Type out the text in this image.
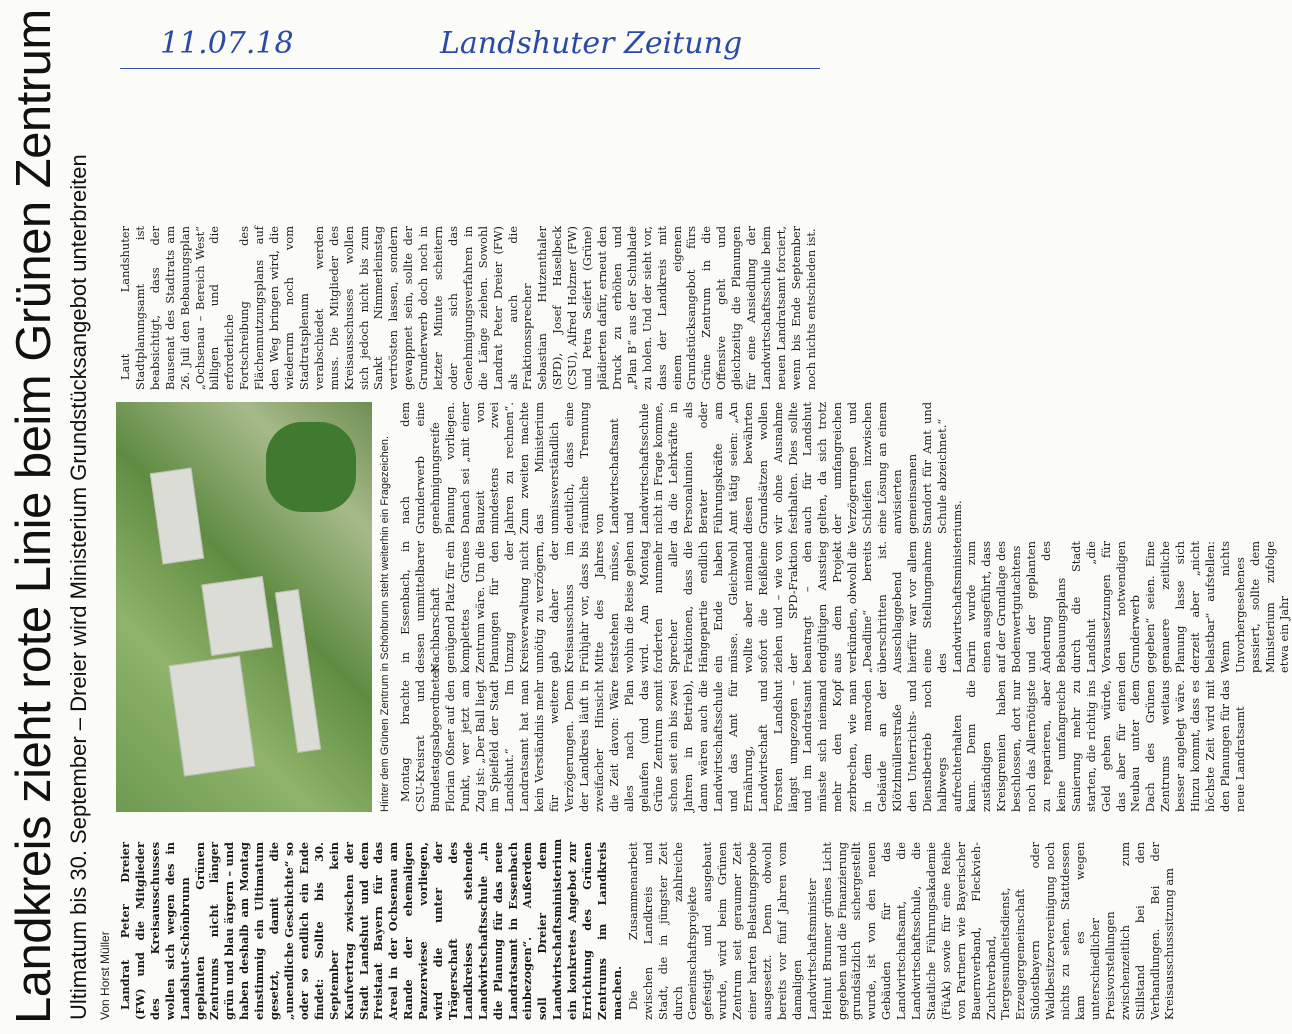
11.07.18	Landshuter Zeitung
Landkreis zieht rote Linie beim Grünen Zentrum Ultimatum bis 30. September – Dreier wird Ministerium Grundstücksangebot unterbreiten Von Horst Müller Landrat Peter Dreier (FW) und die Mitglieder des Kreisausschusses wollen sich wegen des in Landshut-Schönbrunn geplanten Grünen Zentrums nicht länger grün und blau ärgern – und haben deshalb am Montag einstimmig ein Ultimatum gesetzt, damit die „unendliche Geschichte“ so oder so endlich ein Ende findet: Sollte bis 30. September kein Kaufvertrag zwischen der Stadt Landshut und dem Freistaat Bayern für das Areal in der Ochsenau am Rande der ehemaligen Panzerwiese vorliegen, wird die unter der Trägerschaft des Landkreises stehende Landwirtschaftsschule „in die Planung für das neue Landratsamt in Essenbach einbezogen“. Außerdem soll Dreier dem Landwirtschaftsministerium ein konkretes Angebot zur Errichtung des Grünen Zentrums im Landkreis machen. Die Zusammenarbeit zwischen Landkreis und Stadt, die in jüngster Zeit durch zahlreiche Gemeinschaftsprojekte gefestigt und ausgebaut wurde, wird beim Grünen Zentrum seit geraumer Zeit einer harten Belastungsprobe ausgesetzt. Denn obwohl bereits vor fünf Jahren vom damaligen Landwirtschaftsminister Helmut Brunner grünes Licht gegeben und die Finanzierung grundsätzlich sichergestellt wurde, ist von den neuen Gebäuden für das Landwirtschaftsamt, die Landwirtschaftsschule, die Staatliche Führungsakademie (FüAk) sowie für eine Reihe von Partnern wie Bayerischer Bauernverband, Fleckvieh-Zuchtverband, Tiergesundheitsdienst, Erzeugergemeinschaft Südostbayern oder Waldbesitzervereinigung noch nichts zu sehen. Stattdessen kam es wegen unterschiedlicher Preisvorstellungen zwischenzeitlich zum Stillstand bei den Verhandlungen. Bei der Kreisausschusssitzung am

Hinter dem Grünen Zentrum in Schönbrunn steht weiterhin ein Fragezeichen. Montag brachte CSU-Kreisrat und Bundestagsabgeordneter Florian Oßner auf den Punkt, wer jetzt am Zug ist: „Der Ball liegt im Spielfeld der Stadt Landshut.“ Im Landratsamt hat man kein Verständnis mehr für weitere Verzögerungen. Denn der Landkreis läuft in zweifacher Hinsicht die Zeit davon: Wäre alles nach Plan gelaufen (und das Grüne Zentrum somit schon seit ein bis zwei Jahren in Betrieb), dann wären auch die Landwirtschaftsschule und das Amt für Ernährung, Landwirtschaft und Forsten Landshut längst umgezogen – und im Landratsamt müsste sich niemand mehr den Kopf zerbrechen, wie man in dem maroden Gebäude an der Klötzlmüllerstraße den Unterrichts- und Dienstbetrieb noch halbwegs aufrechterhalten kann. Denn die zuständigen Kreisgremien haben beschlossen, dort nur noch das Allernötigste zu reparieren, aber keine umfangreiche Sanierung mehr zu starten, die richtig ins Geld gehen würde, das aber für einen Neubau unter dem Dach des Grünen Zentrums weitaus besser angelegt wäre. Hinzu kommt, dass es höchste Zeit wird mit den Planungen für das neue Landratsamt

in Essenbach, in dessen unmittelbarer Nachbarschaft genügend Platz für ein komplettes Grünes Zentrum wäre. Um die Planungen für den Umzug der Kreisverwaltung nicht unnötig zu verzögern, gab daher der Kreisausschuss im Frühjahr vor, dass bis Mitte des Jahres feststehen müsse, wohin die Reise gehen wird. Am Montag forderten nunmehr Sprecher aller Fraktionen, dass die Hängepartie endlich ein Ende haben müsse. Gleichwohl wollte aber niemand sofort die Reißleine ziehen und – wie von der SPD-Fraktion beantragt – den endgültigen Ausstieg aus dem Projekt verkünden, obwohl die „Deadline“ bereits überschritten ist. Ausschlaggebend hierfür war vor allem eine Stellungnahme des Landwirtschaftsministeriums. Darin wurde zum einen ausgeführt, dass auf der Grundlage des Bodenwertgutachtens und der geplanten Änderung des Bebauungsplans durch die Stadt Landshut „die Voraussetzungen für den notwendigen Grunderwerb gegeben“ seien. Eine genauere zeitliche Planung lasse sich derzeit aber „nicht belastbar“ aufstellen: Wenn nichts Unvorhergesehenes passiert, sollte dem Ministerium zufolge etwa ein Jahr

nach dem Grunderwerb eine genehmigungsreife Planung vorliegen. Danach sei „mit einer Bauzeit von mindestens zwei Jahren zu rechnen“. Zum zweiten machte das Ministerium unmissverständlich deutlich, dass eine räumliche Trennung von Landwirtschaftsamt und Landwirtschaftsschule nicht in Frage komme, da die Lehrkräfte in Personalunion als Berater oder Führungskräfte am Amt tätig seien: „An diesen bewährten Grundsätzen wollen wir ohne Ausnahme festhalten. Dies sollte auch für Landshut gelten, da sich trotz der umfangreichen Verzögerungen und Schleifen inzwischen eine Lösung an einem anvisierten gemeinsamen Standort für Amt und Schule abzeichnet.“

Laut Landshuter Stadtplanungsamt ist beabsichtigt, dass der Bausenat des Stadtrats am 26. Juli den Bebauungsplan „Ochsenau – Bereich West“ billigen und die erforderliche Fortschreibung des Flächennutzungsplans auf den Weg bringen wird, die wiederum noch vom Stadtratsplenum verabschiedet werden muss. Die Mitglieder des Kreisausschusses wollen sich jedoch nicht bis zum Sankt Nimmerleinstag vertrösten lassen, sondern gewappnet sein, sollte der Grunderwerb doch noch in letzter Minute scheitern oder sich das Genehmigungsverfahren in die Länge ziehen. Sowohl Landrat Peter Dreier (FW) als auch die Fraktionssprecher Sebastian Hutzenthaler (SPD), Josef Haselbeck (CSU), Alfred Holzner (FW) und Petra Seifert (Grüne) plädierten dafür, erneut den Druck zu erhöhen und „Plan B“ aus der Schublade zu holen. Und der sieht vor, dass der Landkreis mit einem eigenen Grundstücksangebot fürs Grüne Zentrum in die Offensive geht und gleichzeitig die Planungen für eine Ansiedlung der Landwirtschaftsschule beim neuen Landratsamt forciert, wenn bis Ende September noch nichts entschieden ist.
